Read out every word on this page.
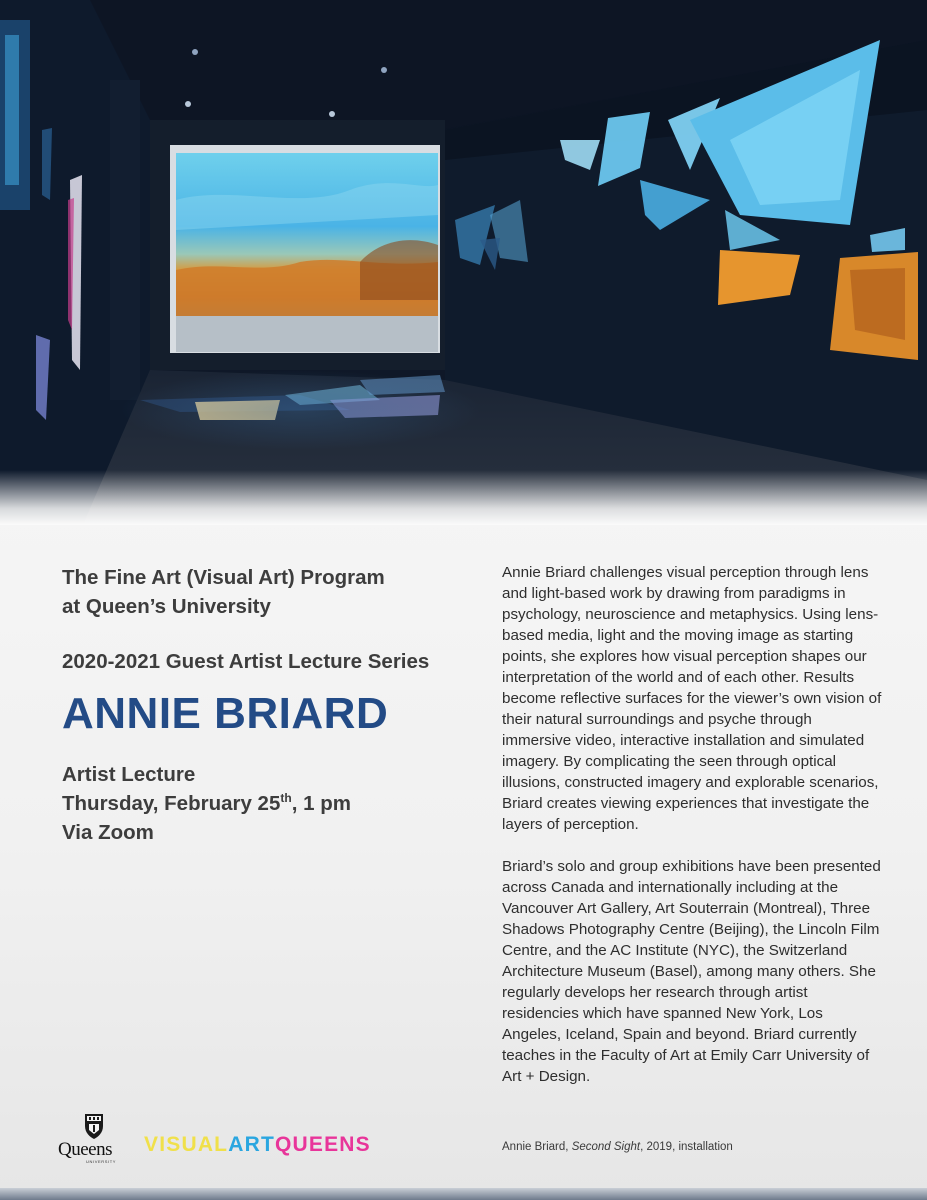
The Fine Art (Visual Art) Program
at Queen’s University
2020-2021 Guest Artist Lecture Series
ANNIE BRIARD
Artist Lecture
Thursday, February 25th, 1 pm
Via Zoom

Annie Briard challenges visual perception through lens and light-based work by drawing from paradigms in psychology, neuroscience and metaphysics. Using lens-based media, light and the moving image as starting points, she explores how visual perception shapes our interpretation of the world and of each other. Results become reflective surfaces for the viewer’s own vision of their natural surroundings and psyche through immersive video, interactive installation and simulated imagery. By complicating the seen through optical illusions, constructed imagery and explorable scenarios, Briard creates viewing experiences that investigate the layers of perception.

Briard’s solo and group exhibitions have been presented across Canada and internationally including at the Vancouver Art Gallery, Art Souterrain (Montreal), Three Shadows Photography Centre (Beijing), the Lincoln Film Centre, and the AC Institute (NYC), the Switzerland Architecture Museum (Basel), among many others. She regularly develops her research through artist residencies which have spanned New York, Los Angeles, Iceland, Spain and beyond. Briard currently teaches in the Faculty of Art at Emily Carr University of Art + Design.

Annie Briard, Second Sight, 2019, installation
Queens
UNIVERSITY
VISUALARTQUEENS
